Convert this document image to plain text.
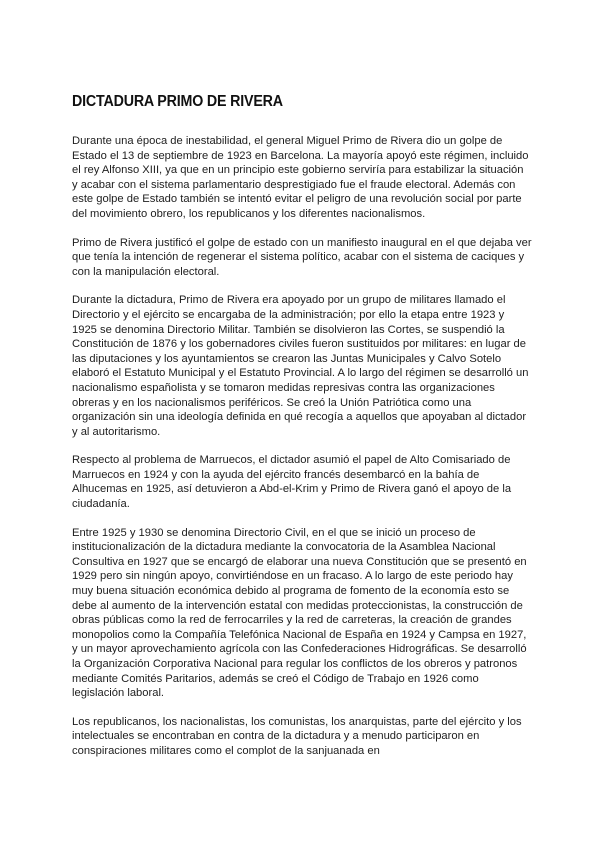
DICTADURA PRIMO DE RIVERA

Durante una época de inestabilidad, el general Miguel Primo de Rivera dio un golpe de Estado el 13 de septiembre de 1923 en Barcelona. La mayoría apoyó este régimen, incluido el rey Alfonso XIII, ya que en un principio este gobierno serviría para estabilizar la situación y acabar con el sistema parlamentario desprestigiado fue el fraude electoral. Además con este golpe de Estado también se intentó evitar el peligro de una revolución social por parte del movimiento obrero, los republicanos y los diferentes nacionalismos.

Primo de Rivera justificó el golpe de estado con un manifiesto inaugural en el que dejaba ver que tenía la intención de regenerar el sistema político, acabar con el sistema de caciques y con la manipulación electoral.

Durante la dictadura, Primo de Rivera era apoyado por un grupo de militares llamado el Directorio y el ejército se encargaba de la administración; por ello la etapa entre 1923 y 1925 se denomina Directorio Militar. También se disolvieron las Cortes, se suspendió la Constitución de 1876 y los gobernadores civiles fueron sustituidos por militares: en lugar de las diputaciones y los ayuntamientos se crearon las Juntas Municipales y Calvo Sotelo elaboró el Estatuto Municipal y el Estatuto Provincial. A lo largo del régimen se desarrolló un nacionalismo españolista y se tomaron medidas represivas contra las organizaciones obreras y en los nacionalismos periféricos. Se creó la Unión Patriótica como una organización sin una ideología definida en qué recogía a aquellos que apoyaban al dictador y al autoritarismo.

Respecto al problema de Marruecos, el dictador asumió el papel de Alto Comisariado de Marruecos en 1924 y con la ayuda del ejército francés desembarcó en la bahía de Alhucemas en 1925, así detuvieron a Abd-el-Krim y Primo de Rivera ganó el apoyo de la ciudadanía.

Entre 1925 y 1930 se denomina Directorio Civil, en el que se inició un proceso de institucionalización de la dictadura mediante la convocatoria de la Asamblea Nacional Consultiva en 1927 que se encargó de elaborar una nueva Constitución que se presentó en 1929 pero sin ningún apoyo, convirtiéndose en un fracaso. A lo largo de este periodo hay muy buena situación económica debido al programa de fomento de la economía esto se debe al aumento de la intervención estatal con medidas proteccionistas, la construcción de obras públicas como la red de ferrocarriles y la red de carreteras, la creación de grandes monopolios como la Compañía Telefónica Nacional de España en 1924 y Campsa en 1927, y un mayor aprovechamiento agrícola con las Confederaciones Hidrográficas. Se desarrolló la Organización Corporativa Nacional para regular los conflictos de los obreros y patronos mediante Comités Paritarios, además se creó el Código de Trabajo en 1926 como legislación laboral.

Los republicanos, los nacionalistas, los comunistas, los anarquistas, parte del ejército y los intelectuales se encontraban en contra de la dictadura y a menudo participaron en conspiraciones militares como el complot de la sanjuanada en
